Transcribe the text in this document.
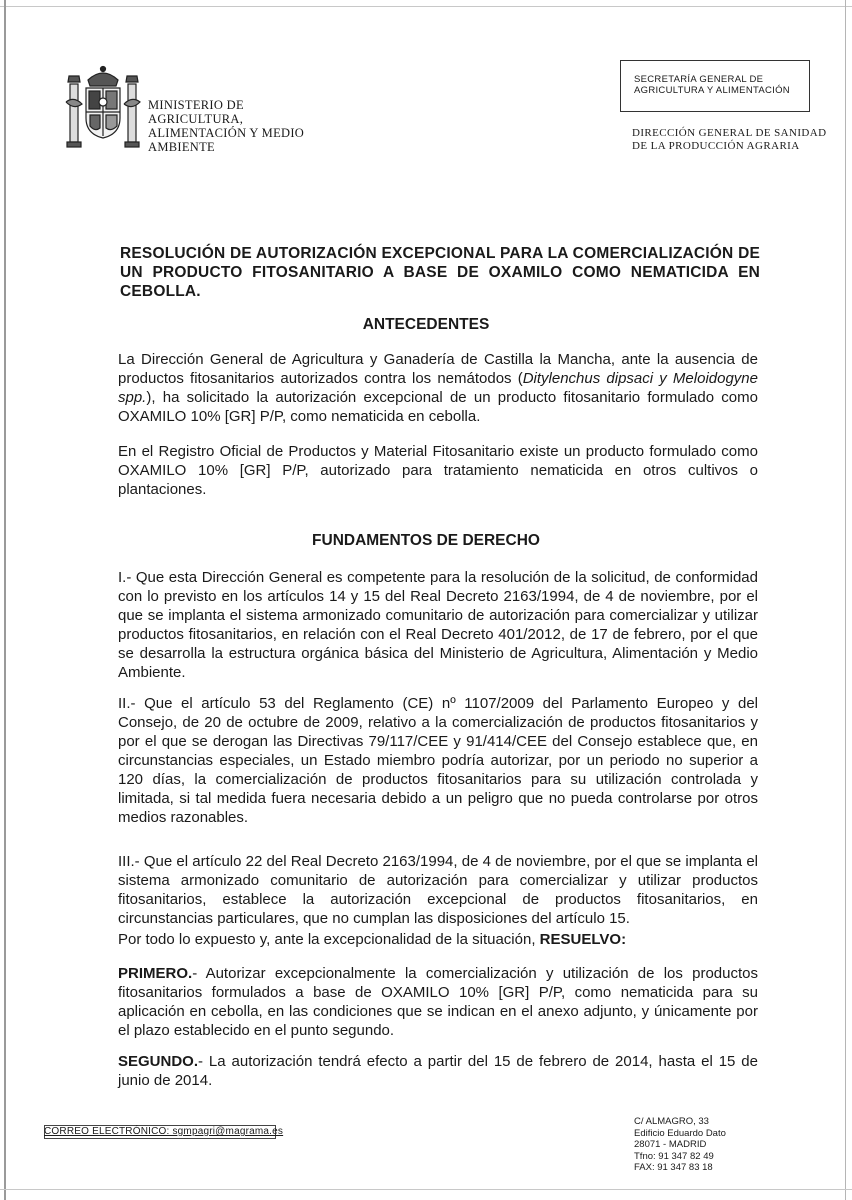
MINISTERIO DE
AGRICULTURA,
ALIMENTACIÓN Y MEDIO
AMBIENTE
SECRETARÍA GENERAL DE
AGRICULTURA Y ALIMENTACIÓN
DIRECCIÓN GENERAL DE SANIDAD
DE LA PRODUCCIÓN AGRARIA
RESOLUCIÓN DE AUTORIZACIÓN EXCEPCIONAL PARA LA COMERCIALIZACIÓN DE UN PRODUCTO FITOSANITARIO A BASE DE OXAMILO COMO NEMATICIDA EN CEBOLLA.
ANTECEDENTES

La Dirección General de Agricultura y Ganadería de Castilla la Mancha, ante la ausencia de productos fitosanitarios autorizados contra los nemátodos (Ditylenchus dipsaci y Meloidogyne spp.), ha solicitado la autorización excepcional de un producto fitosanitario formulado como OXAMILO 10% [GR] P/P, como nematicida en cebolla.

En el Registro Oficial de Productos y Material Fitosanitario existe un producto formulado como OXAMILO 10% [GR] P/P, autorizado para tratamiento nematicida en otros cultivos o plantaciones.

FUNDAMENTOS DE DERECHO

I.- Que esta Dirección General es competente para la resolución de la solicitud, de conformidad con lo previsto en los artículos 14 y 15 del Real Decreto 2163/1994, de 4 de noviembre, por el que se implanta el sistema armonizado comunitario de autorización para comercializar y utilizar productos fitosanitarios, en relación con el Real Decreto 401/2012, de 17 de febrero, por el que se desarrolla la estructura orgánica básica del Ministerio de Agricultura, Alimentación y Medio Ambiente.

II.- Que el artículo 53 del Reglamento (CE) nº 1107/2009 del Parlamento Europeo y del Consejo, de 20 de octubre de 2009, relativo a la comercialización de productos fitosanitarios y por el que se derogan las Directivas 79/117/CEE y 91/414/CEE del Consejo establece que, en circunstancias especiales, un Estado miembro podría autorizar, por un periodo no superior a 120 días, la comercialización de productos fitosanitarios para su utilización controlada y limitada, si tal medida fuera necesaria debido a un peligro que no pueda controlarse por otros medios razonables.

III.- Que el artículo 22 del Real Decreto 2163/1994, de 4 de noviembre, por el que se implanta el sistema armonizado comunitario de autorización para comercializar y utilizar productos fitosanitarios, establece la autorización excepcional de productos fitosanitarios, en circunstancias particulares, que no cumplan las disposiciones del artículo 15.

Por todo lo expuesto y, ante la excepcionalidad de la situación, RESUELVO:

PRIMERO.- Autorizar excepcionalmente la comercialización y utilización de los productos fitosanitarios formulados a base de OXAMILO 10% [GR] P/P, como nematicida para su aplicación en cebolla, en las condiciones que se indican en el anexo adjunto, y únicamente por el plazo establecido en el punto segundo.

SEGUNDO.- La autorización tendrá efecto a partir del 15 de febrero de 2014, hasta el 15 de junio de 2014.

CORREO ELECTRÓNICO: sgmpagri@magrama.es
C/ ALMAGRO, 33
Edificio Eduardo Dato
28071 - MADRID
Tfno: 91 347 82 49
FAX: 91 347 83 18
